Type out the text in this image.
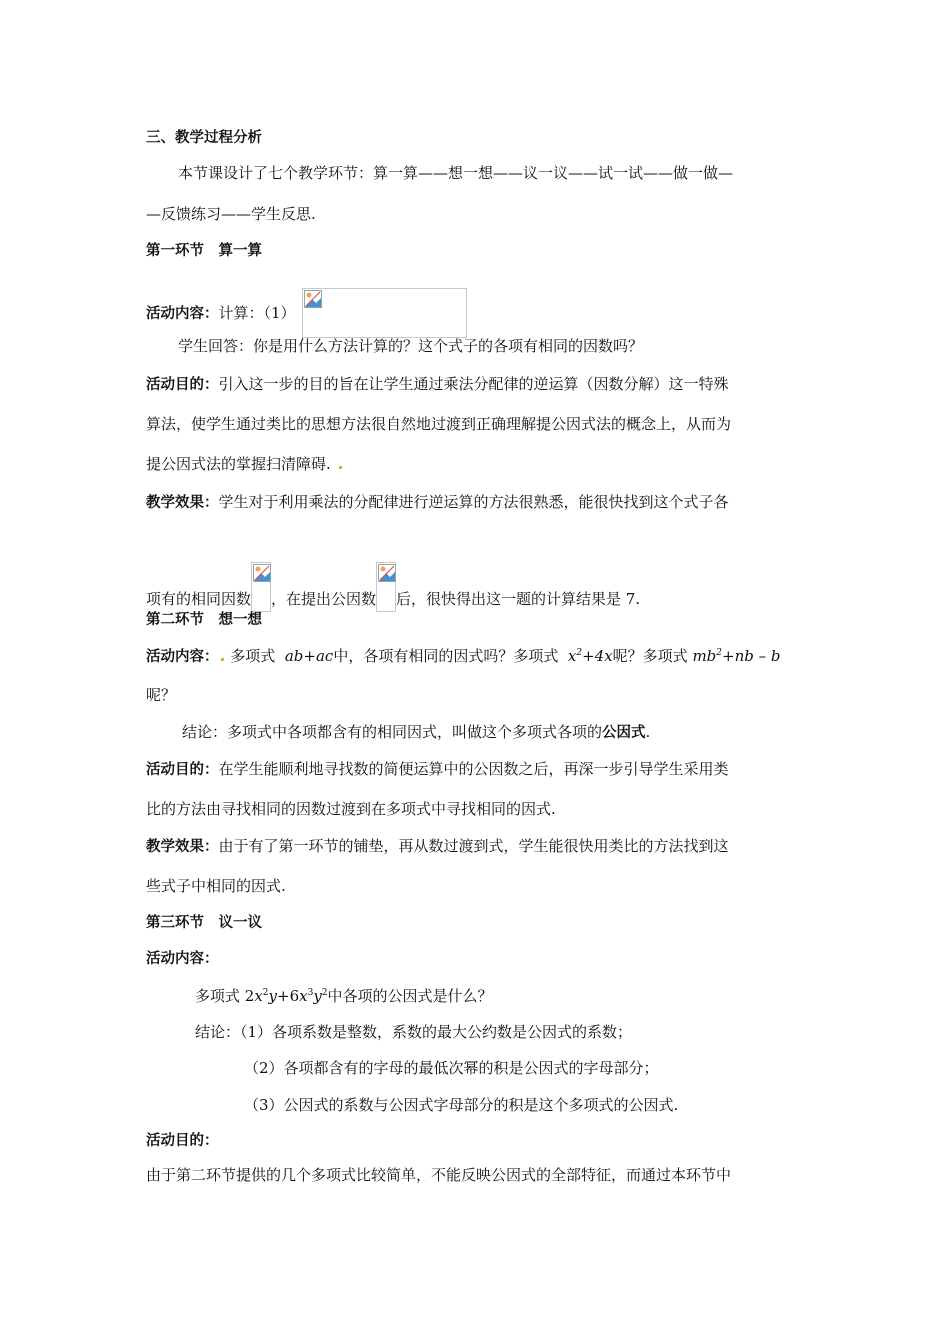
三、教学过程分析
本节课设计了七个教学环节：算一算——想一想——议一议——试一试——做一做—
—反馈练习——学生反思.
第一环节　算一算
活动内容：计算：（1）
学生回答：你是用什么方法计算的？这个式子的各项有相同的因数吗？
活动目的：引入这一步的目的旨在让学生通过乘法分配律的逆运算（因数分解）这一特殊
算法，使学生通过类比的思想方法很自然地过渡到正确理解提公因式法的概念上，从而为
提公因式法的掌握扫清障碍.
教学效果：学生对于利用乘法的分配律进行逆运算的方法很熟悉，能很快找到这个式子各
项有的相同因数 ，在提出公因数 后，很快得出这一题的计算结果是 7.
第二环节　想一想
活动内容： 多项式 ab+ac中，各项有相同的因式吗？多项式 $x^2+4x$呢？多项式 $mb^2+nb - b$
呢？
结论：多项式中各项都含有的相同因式，叫做这个多项式各项的公因式.
活动目的：在学生能顺利地寻找数的简便运算中的公因数之后，再深一步引导学生采用类
比的方法由寻找相同的因数过渡到在多项式中寻找相同的因式.
教学效果：由于有了第一环节的铺垫，再从数过渡到式，学生能很快用类比的方法找到这
些式子中相同的因式.
第三环节　议一议
活动内容：
多项式 $2x^2y+6x^3y^2$中各项的公因式是什么？
结论：（1）各项系数是整数，系数的最大公约数是公因式的系数；
（2）各项都含有的字母的最低次幂的积是公因式的字母部分；
（3）公因式的系数与公因式字母部分的积是这个多项式的公因式.
活动目的：
由于第二环节提供的几个多项式比较简单，不能反映公因式的全部特征，而通过本环节中
